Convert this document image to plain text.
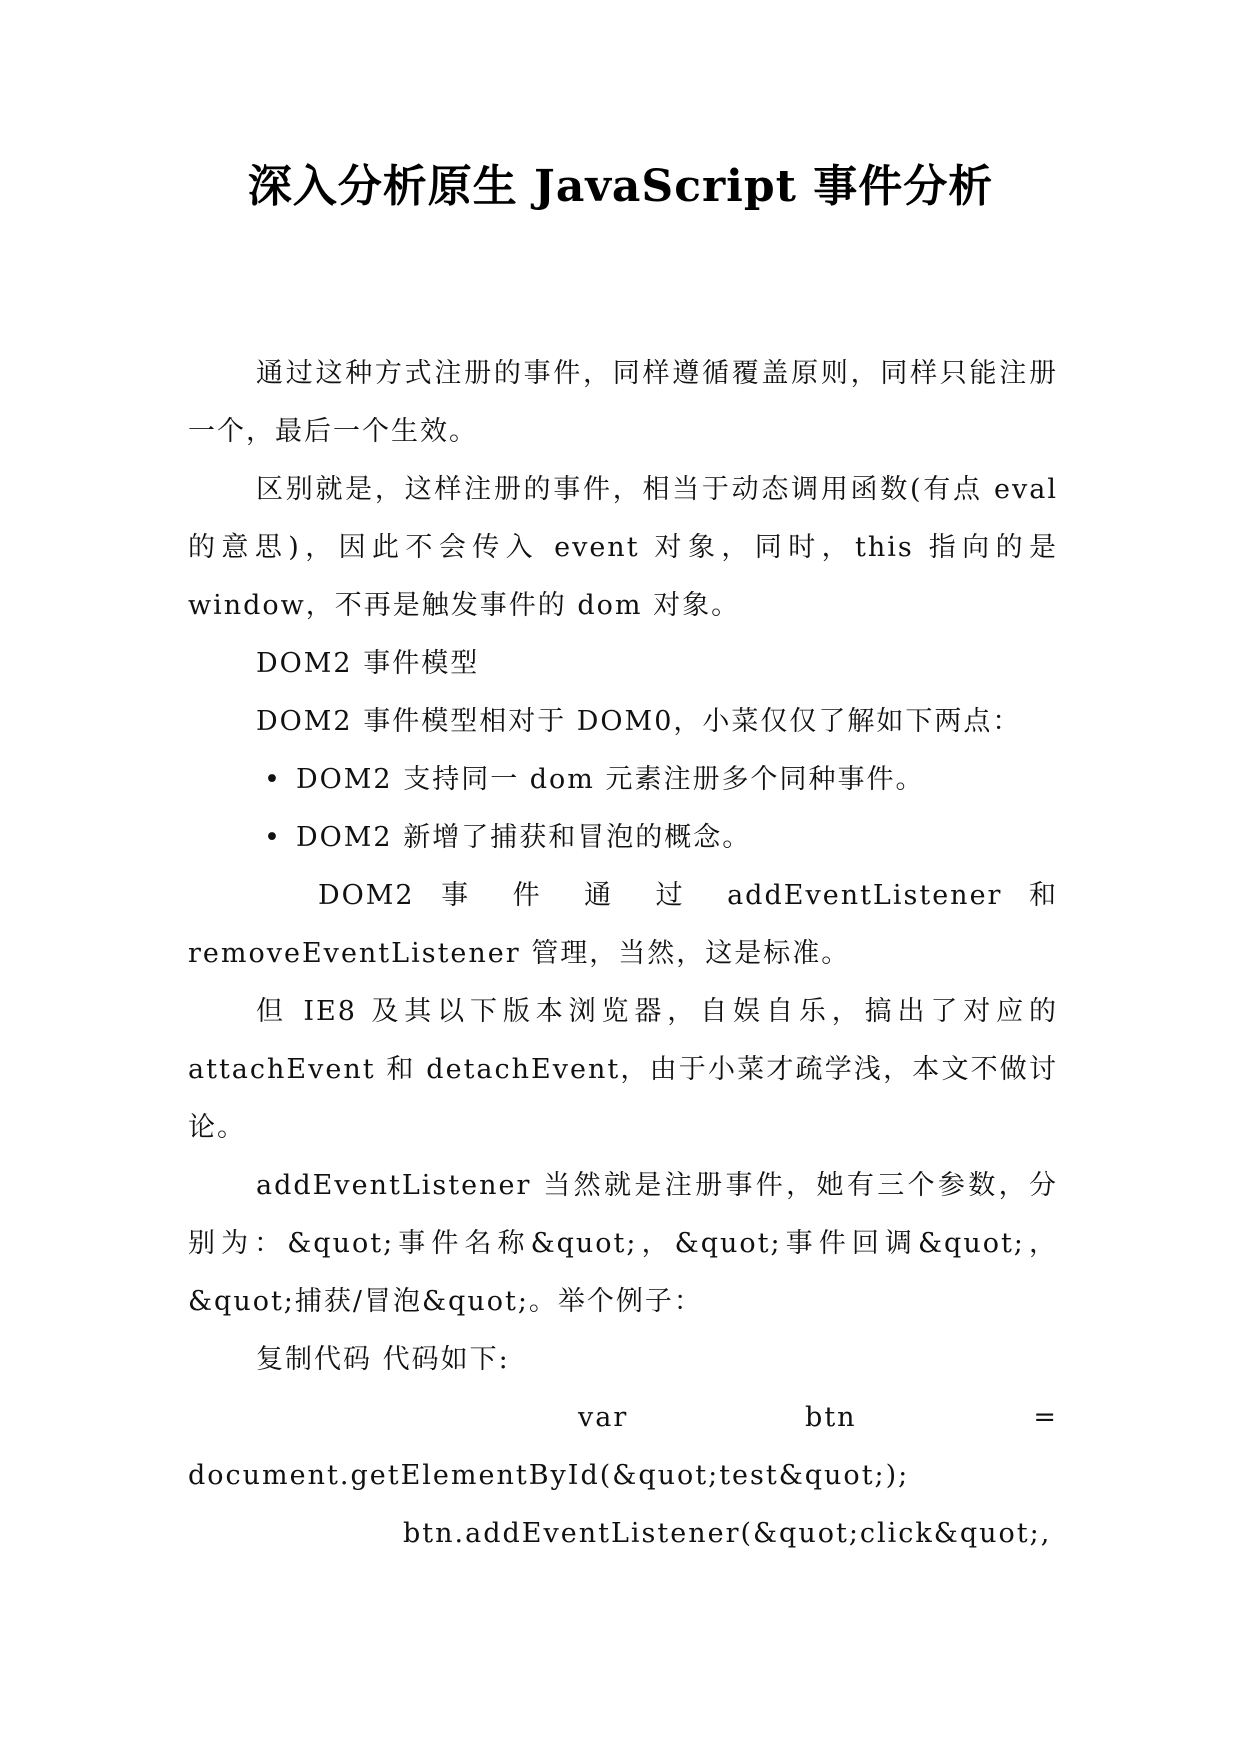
深入分析原生 JavaScript 事件分析

通过这种方式注册的事件，同样遵循覆盖原则，同样只能注册一个，最后一个生效。

区别就是，这样注册的事件，相当于动态调用函数(有点 eval 的意思)，因此不会传入 event 对象，同时，this 指向的是 window，不再是触发事件的 dom 对象。

DOM2 事件模型

DOM2 事件模型相对于 DOM0，小菜仅仅了解如下两点：

• DOM2 支持同一 dom 元素注册多个同种事件。
• DOM2 新增了捕获和冒泡的概念。

DOM2 事 件 通 过 addEventListener 和

removeEventListener 管理，当然，这是标准。

但 IE8 及其以下版本浏览器，自娱自乐，搞出了对应的 attachEvent 和 detachEvent，由于小菜才疏学浅，本文不做讨论。

addEventListener 当然就是注册事件，她有三个参数，分别为：&quot;事件名称&quot;，&quot;事件回调&quot;，&quot;捕获/冒泡&quot;。举个例子：

复制代码 代码如下:

var btn =

document.getElementById(&quot;test&quot;);

btn.addEventListener(&quot;click&quot;,
